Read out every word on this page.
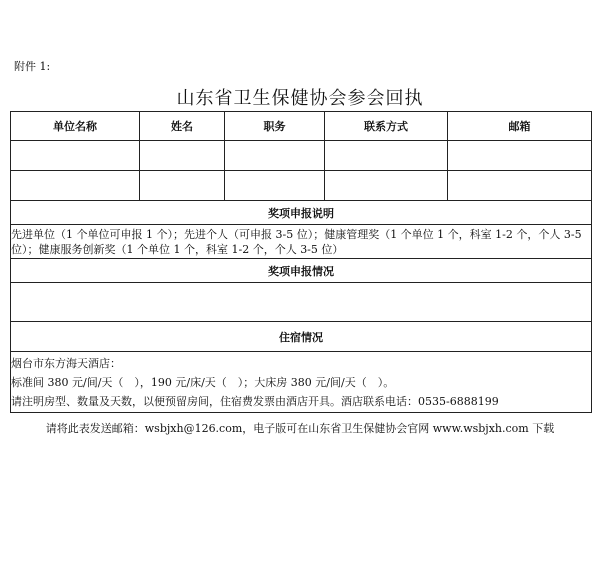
附件 1:
山东省卫生保健协会参会回执
单位名称	姓名	职务	联系方式	邮箱

奖项申报说明				
先进单位（1 个单位可申报 1 个）；先进个人（可申报 3-5 位）；健康管理奖（1 个单位 1 个，科室 1-2 个，个人 3-5 位）；健康服务创新奖（1 个单位 1 个，科室 1-2 个，个人 3-5 位）				
奖项申报情况				

住宿情况				

烟台市东方海天酒店：
标准间 380 元/间/天（　），190 元/床/天（　）；大床房 380 元/间/天（　）。
请注明房型、数量及天数，以便预留房间，住宿费发票由酒店开具。酒店联系电话：0535-6888199				
请将此表发送邮箱：wsbjxh@126.com，电子版可在山东省卫生保健协会官网 www.wsbjxh.com 下载
